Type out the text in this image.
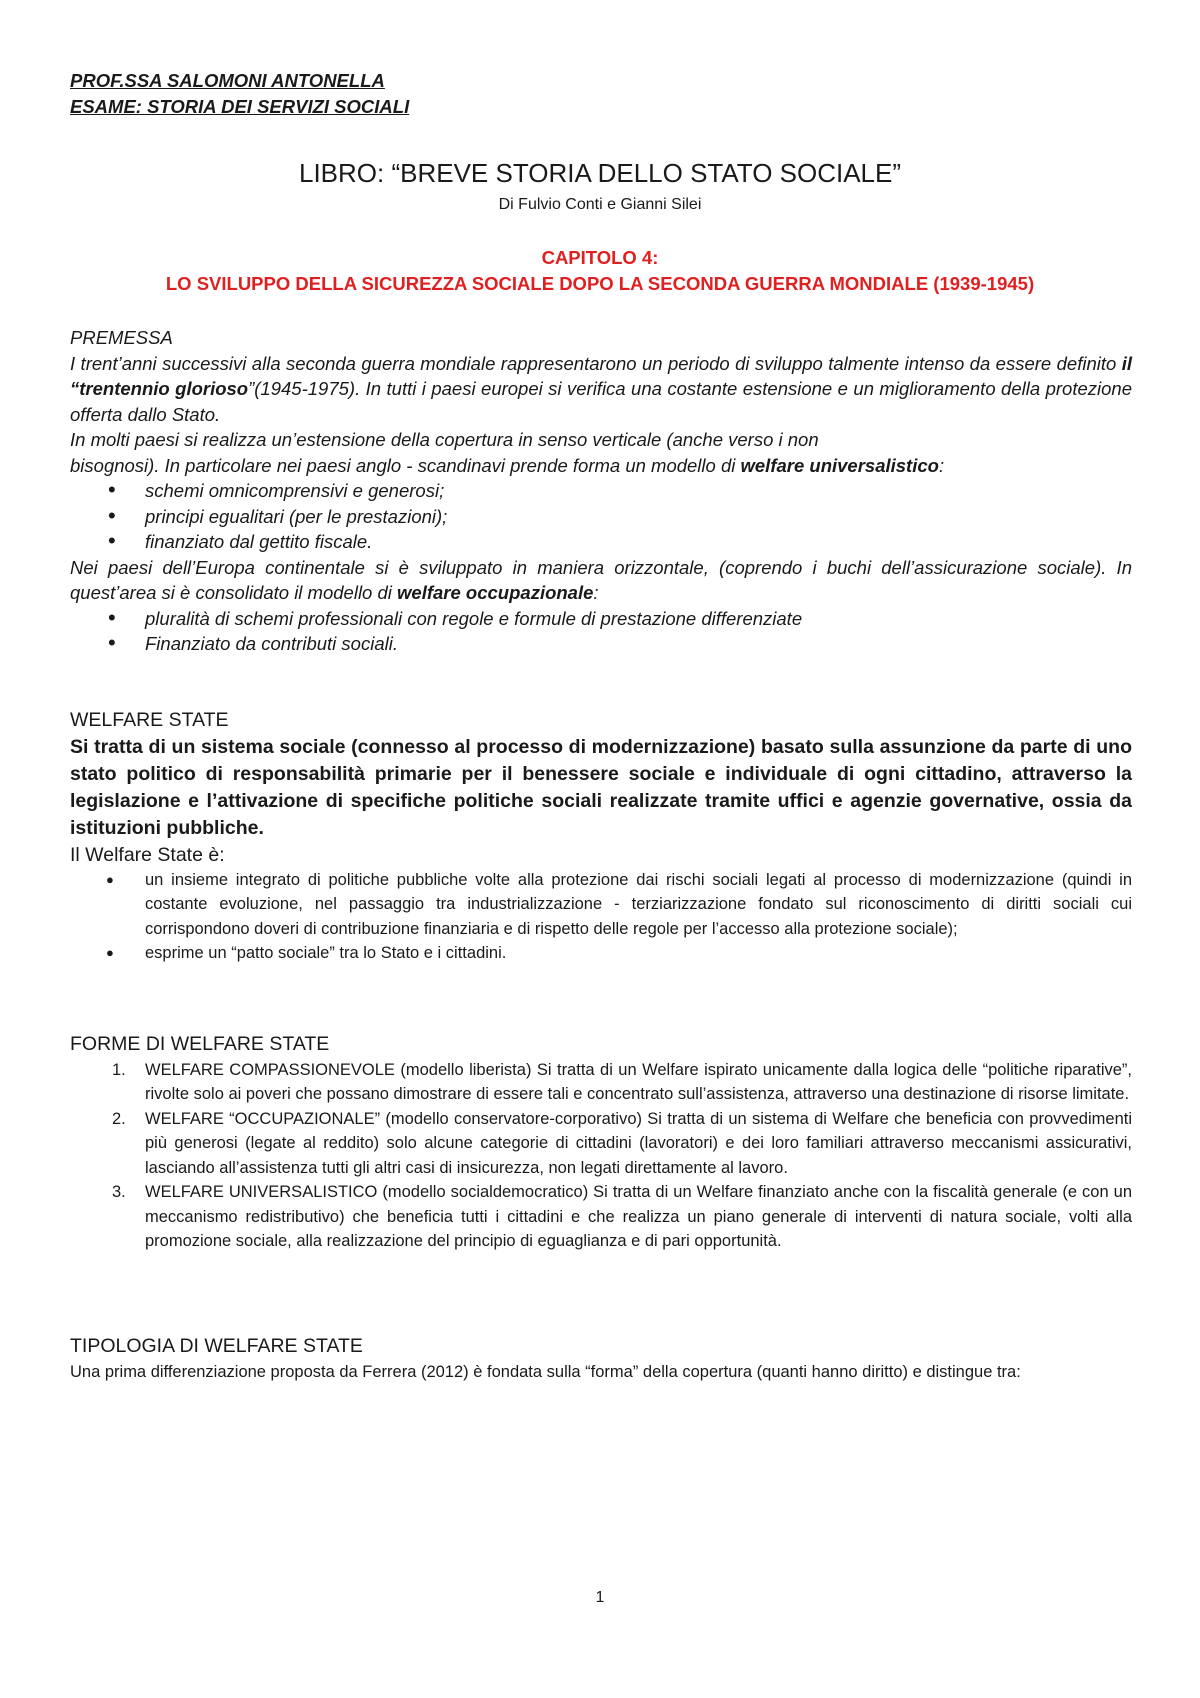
PROF.SSA SALOMONI ANTONELLA
ESAME: STORIA DEI SERVIZI SOCIALI
LIBRO: “BREVE STORIA DELLO STATO SOCIALE”
Di Fulvio Conti e Gianni Silei
CAPITOLO 4:
LO SVILUPPO DELLA SICUREZZA SOCIALE DOPO LA SECONDA GUERRA MONDIALE (1939-1945)

PREMESSA

I trent’anni successivi alla seconda guerra mondiale rappresentarono un periodo di sviluppo talmente intenso da essere definito il “trentennio glorioso”(1945-1975). In tutti i paesi europei si verifica una costante estensione e un miglioramento della protezione offerta dallo Stato.

In molti paesi si realizza un’estensione della copertura in senso verticale (anche verso i non

bisognosi). In particolare nei paesi anglo - scandinavi prende forma un modello di welfare universalistico:

• schemi omnicomprensivi e generosi;
• principi egualitari (per le prestazioni);
• finanziato dal gettito fiscale.

Nei paesi dell’Europa continentale si è sviluppato in maniera orizzontale, (coprendo i buchi dell’assicurazione sociale). In quest’area si è consolidato il modello di welfare occupazionale:

• pluralità di schemi professionali con regole e formule di prestazione differenziate
• Finanziato da contributi sociali.

WELFARE STATE

Si tratta di un sistema sociale (connesso al processo di modernizzazione) basato sulla assunzione da parte di uno stato politico di responsabilità primarie per il benessere sociale e individuale di ogni cittadino, attraverso la legislazione e l’attivazione di specifiche politiche sociali realizzate tramite uffici e agenzie governative, ossia da istituzioni pubbliche.

Il Welfare State è:

● un insieme integrato di politiche pubbliche volte alla protezione dai rischi sociali legati al processo di modernizzazione (quindi in costante evoluzione, nel passaggio tra industrializzazione - terziarizzazione fondato sul riconoscimento di diritti sociali cui corrispondono doveri di contribuzione finanziaria e di rispetto delle regole per l’accesso alla protezione sociale);
● esprime un “patto sociale” tra lo Stato e i cittadini.

FORME DI WELFARE STATE

1. WELFARE COMPASSIONEVOLE (modello liberista) Si tratta di un Welfare ispirato unicamente dalla logica delle “politiche riparative”, rivolte solo ai poveri che possano dimostrare di essere tali e concentrato sull’assistenza, attraverso una destinazione di risorse limitate.
2. WELFARE “OCCUPAZIONALE” (modello conservatore-corporativo) Si tratta di un sistema di Welfare che beneficia con provvedimenti più generosi (legate al reddito) solo alcune categorie di cittadini (lavoratori) e dei loro familiari attraverso meccanismi assicurativi, lasciando all’assistenza tutti gli altri casi di insicurezza, non legati direttamente al lavoro.
3. WELFARE UNIVERSALISTICO (modello socialdemocratico) Si tratta di un Welfare finanziato anche con la fiscalità generale (e con un meccanismo redistributivo) che beneficia tutti i cittadini e che realizza un piano generale di interventi di natura sociale, volti alla promozione sociale, alla realizzazione del principio di eguaglianza e di pari opportunità.

TIPOLOGIA DI WELFARE STATE

Una prima differenziazione proposta da Ferrera (2012) è fondata sulla “forma” della copertura (quanti hanno diritto) e distingue tra:

1
